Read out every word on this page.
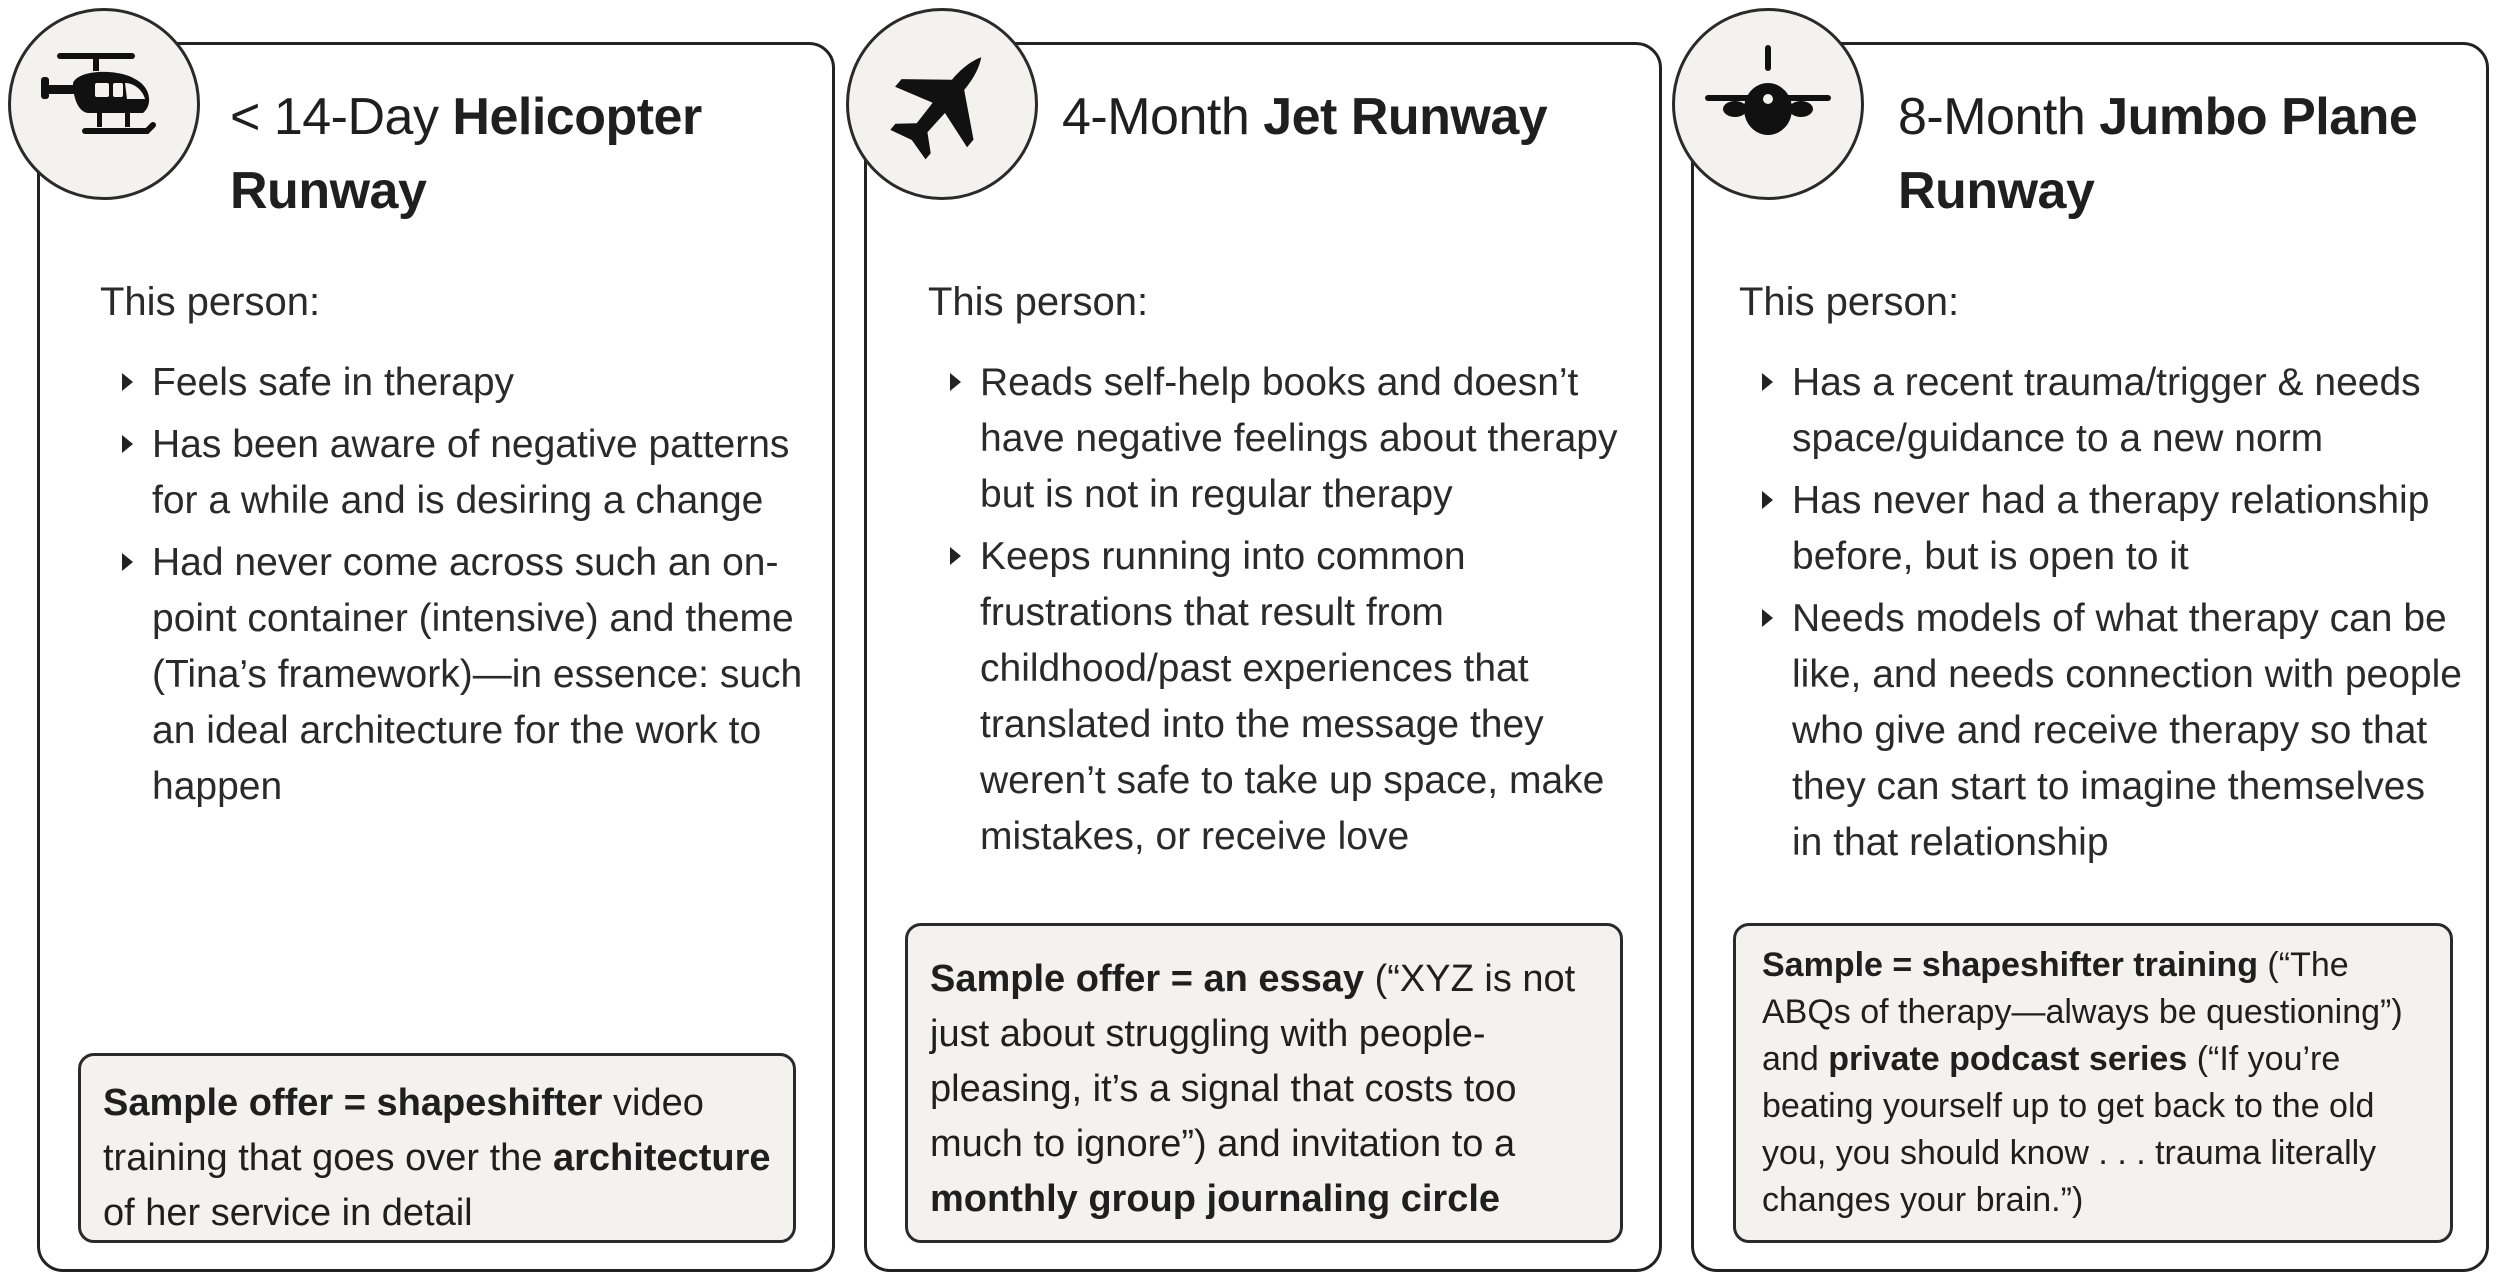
< 14-Day Helicopter Runway
4-Month Jet Runway	8-Month Jumbo Plane Runway
This person:	This person:	This person:
Feels safe in therapy
Has been aware of negative patterns for a while and is desiring a change
Had never come across such an on-point container (intensive) and theme (Tina’s framework)—in essence: such an ideal architecture for the work to happen
Reads self-help books and doesn’t have negative feelings about therapy but is not in regular therapy
Keeps running into common frustrations that result from childhood/past experiences that translated into the message they weren’t safe to take up space, make mistakes, or receive love
Has a recent trauma/trigger & needs space/guidance to a new norm
Has never had a therapy relationship before, but is open to it
Needs models of what therapy can be like, and needs connection with people who give and receive therapy so that they can start to imagine themselves in that relationship
Sample offer = shapeshifter video training that goes over the architecture of her service in detail
Sample offer = an essay (“XYZ is not just about struggling with people-pleasing, it’s a signal that costs too much to ignore”) and invitation to a monthly group journaling circle
Sample = shapeshifter training (“The ABQs of therapy—always be questioning”) and private podcast series (“If you’re beating yourself up to get back to the old you, you should know . . . trauma literally changes your brain.”)
